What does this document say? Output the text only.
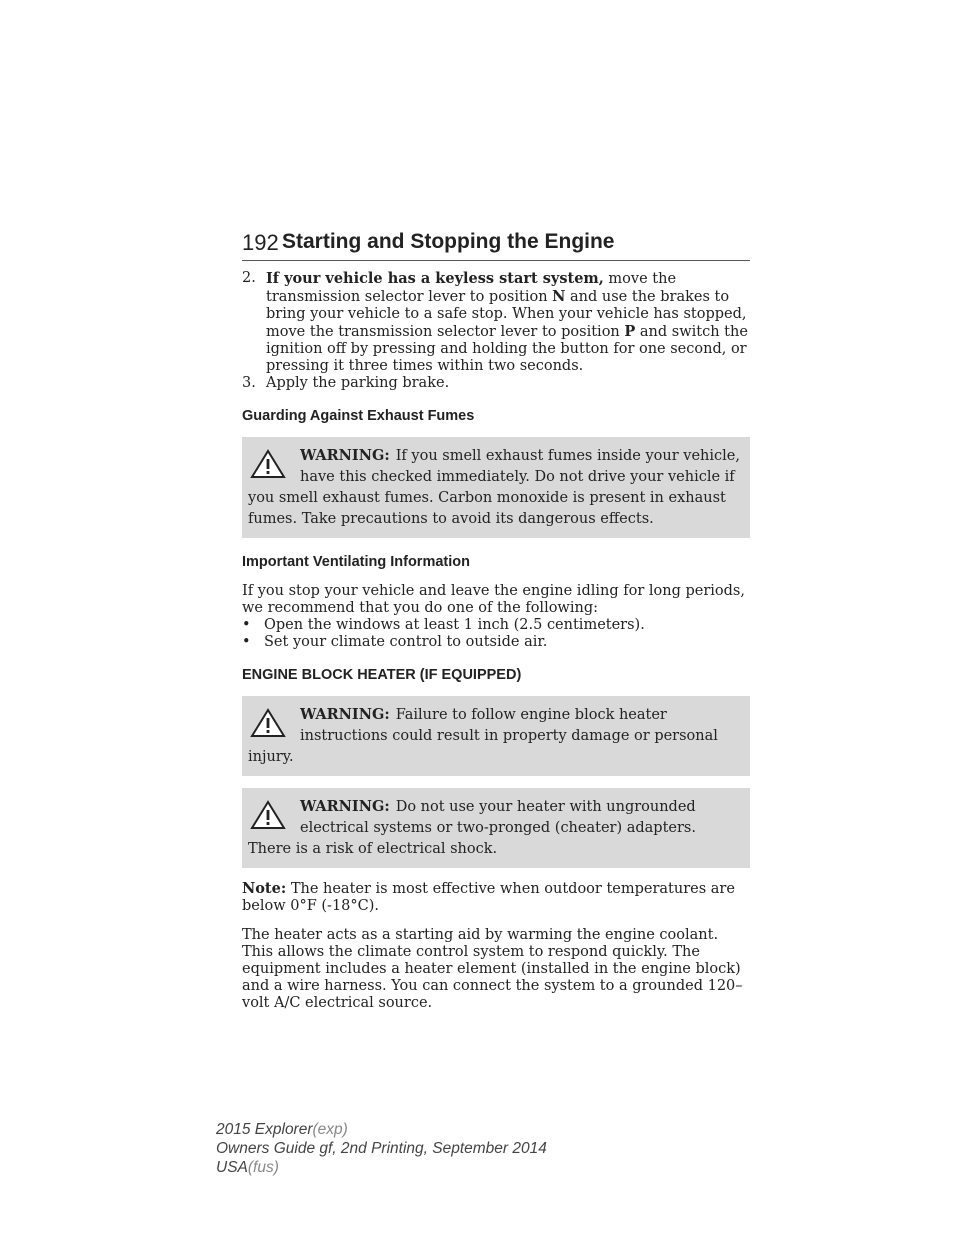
192 Starting and Stopping the Engine
2. If your vehicle has a keyless start system, move the transmission selector lever to position N and use the brakes to bring your vehicle to a safe stop. When your vehicle has stopped, move the transmission selector lever to position P and switch the ignition off by pressing and holding the button for one second, or pressing it three times within two seconds.
3. Apply the parking brake.
Guarding Against Exhaust Fumes
WARNING: If you smell exhaust fumes inside your vehicle, have this checked immediately. Do not drive your vehicle if you smell exhaust fumes. Carbon monoxide is present in exhaust fumes. Take precautions to avoid its dangerous effects.
Important Ventilating Information

If you stop your vehicle and leave the engine idling for long periods, we recommend that you do one of the following:

• Open the windows at least 1 inch (2.5 centimeters).
• Set your climate control to outside air.
ENGINE BLOCK HEATER (IF EQUIPPED)
WARNING: Failure to follow engine block heater instructions could result in property damage or personal injury.
WARNING: Do not use your heater with ungrounded electrical systems or two-pronged (cheater) adapters. There is a risk of electrical shock.

Note: The heater is most effective when outdoor temperatures are below 0°F (-18°C).

The heater acts as a starting aid by warming the engine coolant. This allows the climate control system to respond quickly. The equipment includes a heater element (installed in the engine block) and a wire harness. You can connect the system to a grounded 120–volt A/C electrical source.

2015 Explorer(exp)
Owners Guide gf, 2nd Printing, September 2014
USA(fus)
